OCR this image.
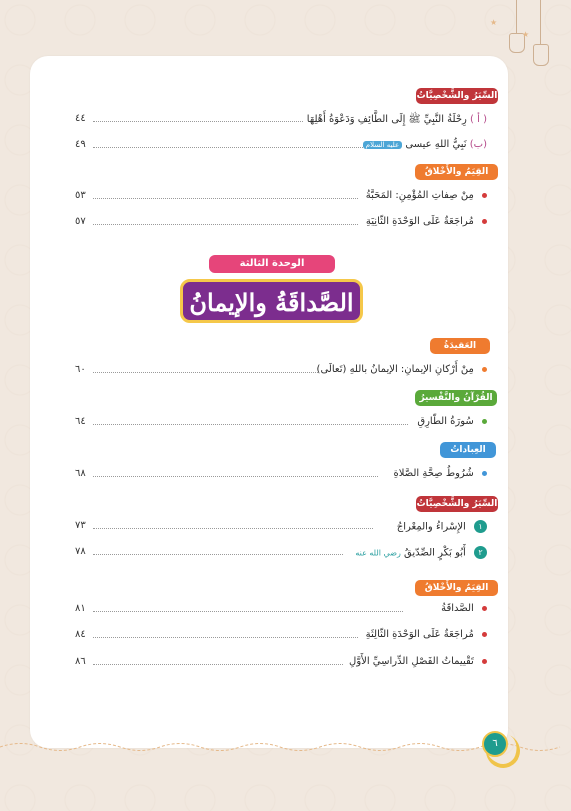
★
★
السِّيَرُ والشَّخْصِيَّاتُ
( أ ) رِحْلَةُ النَّبِيِّ ﷺ إِلَى الطَّائِفِ وَدَعْوَةُ أَهْلِهَا
٤٤
(ب) نَبِيُّ اللهِ عيسى عليه السلام
٤٩
القِيَمُ والأَخْلاقُ
مِنْ صِفاتِ المُؤْمِنِ: المَحَبَّةُ
٥٣
مُراجَعَةٌ عَلَى الوَحْدَةِ الثّانِيَةِ
٥٧
الوحدة الثالثة
الصَّداقَةُ والإيمانُ
العَقيدَةُ
مِنْ أَرْكانِ الإيمانِ: الإيمانُ باللهِ (تَعالَى)
٦٠
القُرْآنُ والتَّفْسيرُ
سُورَةُ الطّارِقِ
٦٤
العِباداتُ
شُرُوطُ صِحَّةِ الصَّلاةِ
٦٨
السِّيَرُ والشَّخْصِيَّاتُ
١ الإِسْراءُ والمِعْراجُ
٧٣
٢ أَبُو بَكْرٍ الصِّدّيقُ رضي الله عنه
٧٨
القِيَمُ والأَخْلاقُ
الصَّداقَةُ
٨١
مُراجَعَةٌ عَلَى الوَحْدَةِ الثّالِثَةِ
٨٤
تَقْييماتُ الفَصْلِ الدِّراسِيِّ الأَوَّلِ
٨٦
٦
